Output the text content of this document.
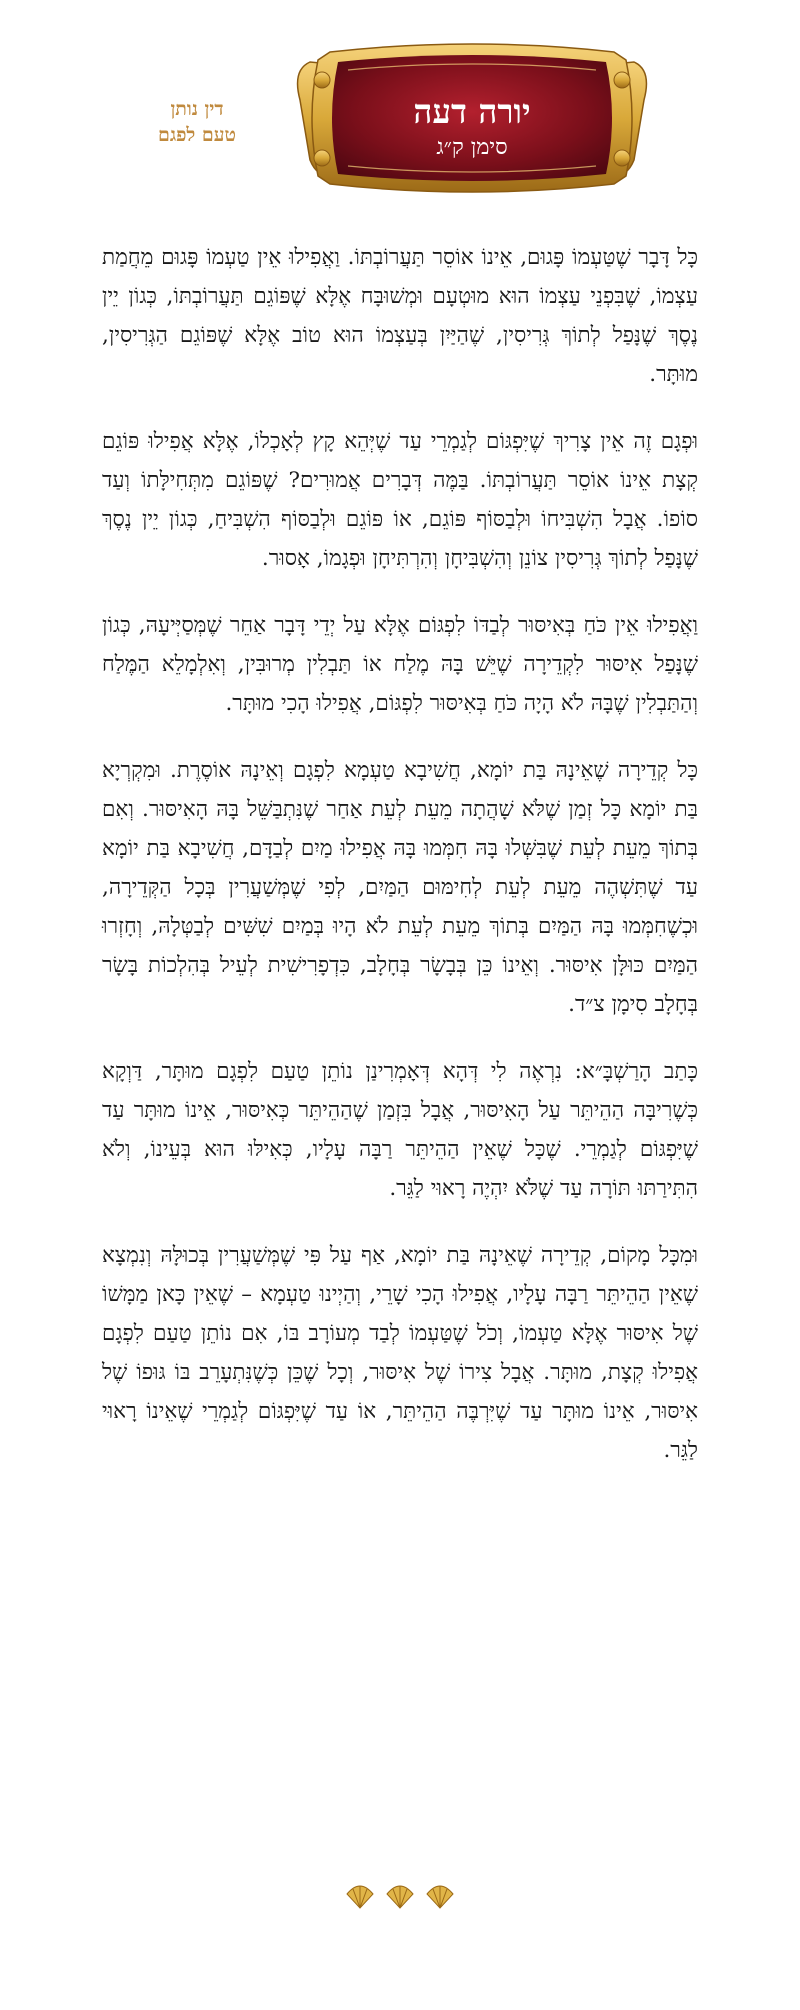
יורה דעה
סימן ק״ג
דין נותן
טעם לפגם

כָּל דָּבָר שֶׁטַּעְמוֹ פָּגוּם, אֵינוֹ אוֹסֵר תַּעֲרוֹבְתּוֹ. וַאֲפִילוּ אֵין טַעְמוֹ פָּגוּם מֵחֲמַת עַצְמוֹ, שֶׁבִּפְנֵי עַצְמוֹ הוּא מוּטְעָם וּמְשׁוּבָּח אֶלָּא שֶׁפּוֹגֵם תַּעֲרוֹבְתּוֹ, כְּגוֹן יֵין נֶסֶךְ שֶׁנָּפַל לְתוֹךְ גְּרִיסִין, שֶׁהַיַּיִן בְּעַצְמוֹ הוּא טוֹב אֶלָּא שֶׁפּוֹגֵם הַגְּרִיסִין, מוּתָּר.

וּפְגָם זֶה אֵין צָרִיךְ שֶׁיִּפְגּוֹם לְגַמְרֵי עַד שֶׁיְּהֵא קָץ לְאָכְלוֹ, אֶלָּא אֲפִילוּ פּוֹגֵם קְצָת אֵינוֹ אוֹסֵר תַּעֲרוֹבְתּוֹ. בַּמֶּה דְּבָרִים אֲמוּרִים? שֶׁפּוֹגֵם מִתְּחִילָּתוֹ וְעַד סוֹפוֹ. אֲבָל הִשְׁבִּיחוֹ וּלְבַסּוֹף פּוֹגֵם, אוֹ פּוֹגֵם וּלְבַסּוֹף הִשְׁבִּיחַ, כְּגוֹן יֵין נֶסֶךְ שֶׁנָּפַל לְתוֹךְ גְּרִיסִין צוֹנֵן וְהִשְׁבִּיחָן וְהִרְתִּיחָן וּפְגָמוֹ, אָסוּר.

וַאֲפִילוּ אֵין כֹּחַ בְּאִיסּוּר לְבַדּוֹ לִפְגּוֹם אֶלָּא עַל יְדֵי דָּבָר אַחֵר שֶׁמְּסַיְּיעָהּ, כְּגוֹן שֶׁנָּפַל אִיסּוּר לִקְדֵירָה שֶׁיֵּשׁ בָּהּ מֶלַח אוֹ תַּבְלִין מְרוּבִּין, וְאִלְמָלֵא הַמֶּלַח וְהַתַּבְלִין שֶׁבָּהּ לֹא הָיָה כֹּחַ בְּאִיסּוּר לִפְגּוֹם, אֲפִילוּ הָכִי מוּתָּר.

כָּל קְדֵירָה שֶׁאֵינָהּ בַּת יוֹמָא, חֲשִׁיבָא טַעְמָא לִפְגָם וְאֵינָהּ אוֹסֶרֶת. וּמִקְרְיָא בַּת יוֹמָא כָּל זְמַן שֶׁלֹּא שָׁהֲתָה מֵעֵת לְעֵת אַחַר שֶׁנִּתְבַּשֵּׁל בָּהּ הָאִיסּוּר. וְאִם בְּתוֹךְ מֵעֵת לְעֵת שֶׁבִּשְּׁלוּ בָּהּ חִמְּמוּ בָּהּ אֲפִילוּ מַיִם לְבַדָּם, חֲשִׁיבָא בַּת יוֹמָא עַד שֶׁתִּשְׁהֶה מֵעֵת לְעֵת לְחִימּוּם הַמַּיִם, לְפִי שֶׁמְּשַׁעֲרִין בְּכָל הַקְּדֵירָה, וּכְשֶׁחִמְּמוּ בָּהּ הַמַּיִם בְּתוֹךְ מֵעֵת לְעֵת לֹא הָיוּ בְּמַיִם שִׁשִּׁים לְבַטְּלָהּ, וְחָזְרוּ הַמַּיִם כּוּלָּן אִיסּוּר. וְאֵינוֹ כֵּן בְּבָשָׂר בְּחָלָב, כִּדְפָרִישִׁית לְעֵיל בְּהִלְכוֹת בָּשָׂר בְּחָלָב סִימָן צ״ד.

כָּתַב הָרַשְׁבָּ״א: נִרְאֶה לִי דְּהָא דְּאָמְרִינַן נוֹתֵן טַעַם לִפְגָם מוּתָּר, דַּוְקָא כְּשֶׁרִיבָּה הַהֵיתֵּר עַל הָאִיסּוּר, אֲבָל בִּזְמַן שֶׁהַהֵיתֵּר כְּאִיסּוּר, אֵינוֹ מוּתָּר עַד שֶׁיִּפְגּוֹם לְגַמְרֵי. שֶׁכָּל שֶׁאֵין הַהֵיתֵּר רַבָּה עָלָיו, כְּאִילּוּ הוּא בְּעֵינוֹ, וְלֹא הִתִּירַתּוּ תּוֹרָה עַד שֶׁלֹּא יִהְיֶה רָאוּי לַגֵּר.

וּמִכָּל מָקוֹם, קְדֵירָה שֶׁאֵינָהּ בַּת יוֹמָא, אַף עַל פִּי שֶׁמְּשַׁעֲרִין בְּכוּלָּהּ וְנִמְצָא שֶׁאֵין הַהֵיתֵּר רַבָּה עָלָיו, אֲפִילוּ הָכִי שָׁרֵי, וְהַיְינוּ טַעְמָא – שֶׁאֵין כָּאן מַמָּשׁוֹ שֶׁל אִיסּוּר אֶלָּא טַעְמוֹ, וְכֹל שֶׁטַּעְמוֹ לְבַד מְעוֹרָב בּוֹ, אִם נוֹתֵן טַעַם לִפְגָם אֲפִילוּ קְצָת, מוּתָּר. אֲבָל צִירוֹ שֶׁל אִיסּוּר, וְכָל שֶׁכֵּן כְּשֶׁנִּתְעָרֵב בּוֹ גּוּפוֹ שֶׁל אִיסּוּר, אֵינוֹ מוּתָּר עַד שֶׁיִּרְבֶּה הַהֵיתֵּר, אוֹ עַד שֶׁיִּפְגּוֹם לְגַמְרֵי שֶׁאֵינוֹ רָאוּי לַגֵּר.
